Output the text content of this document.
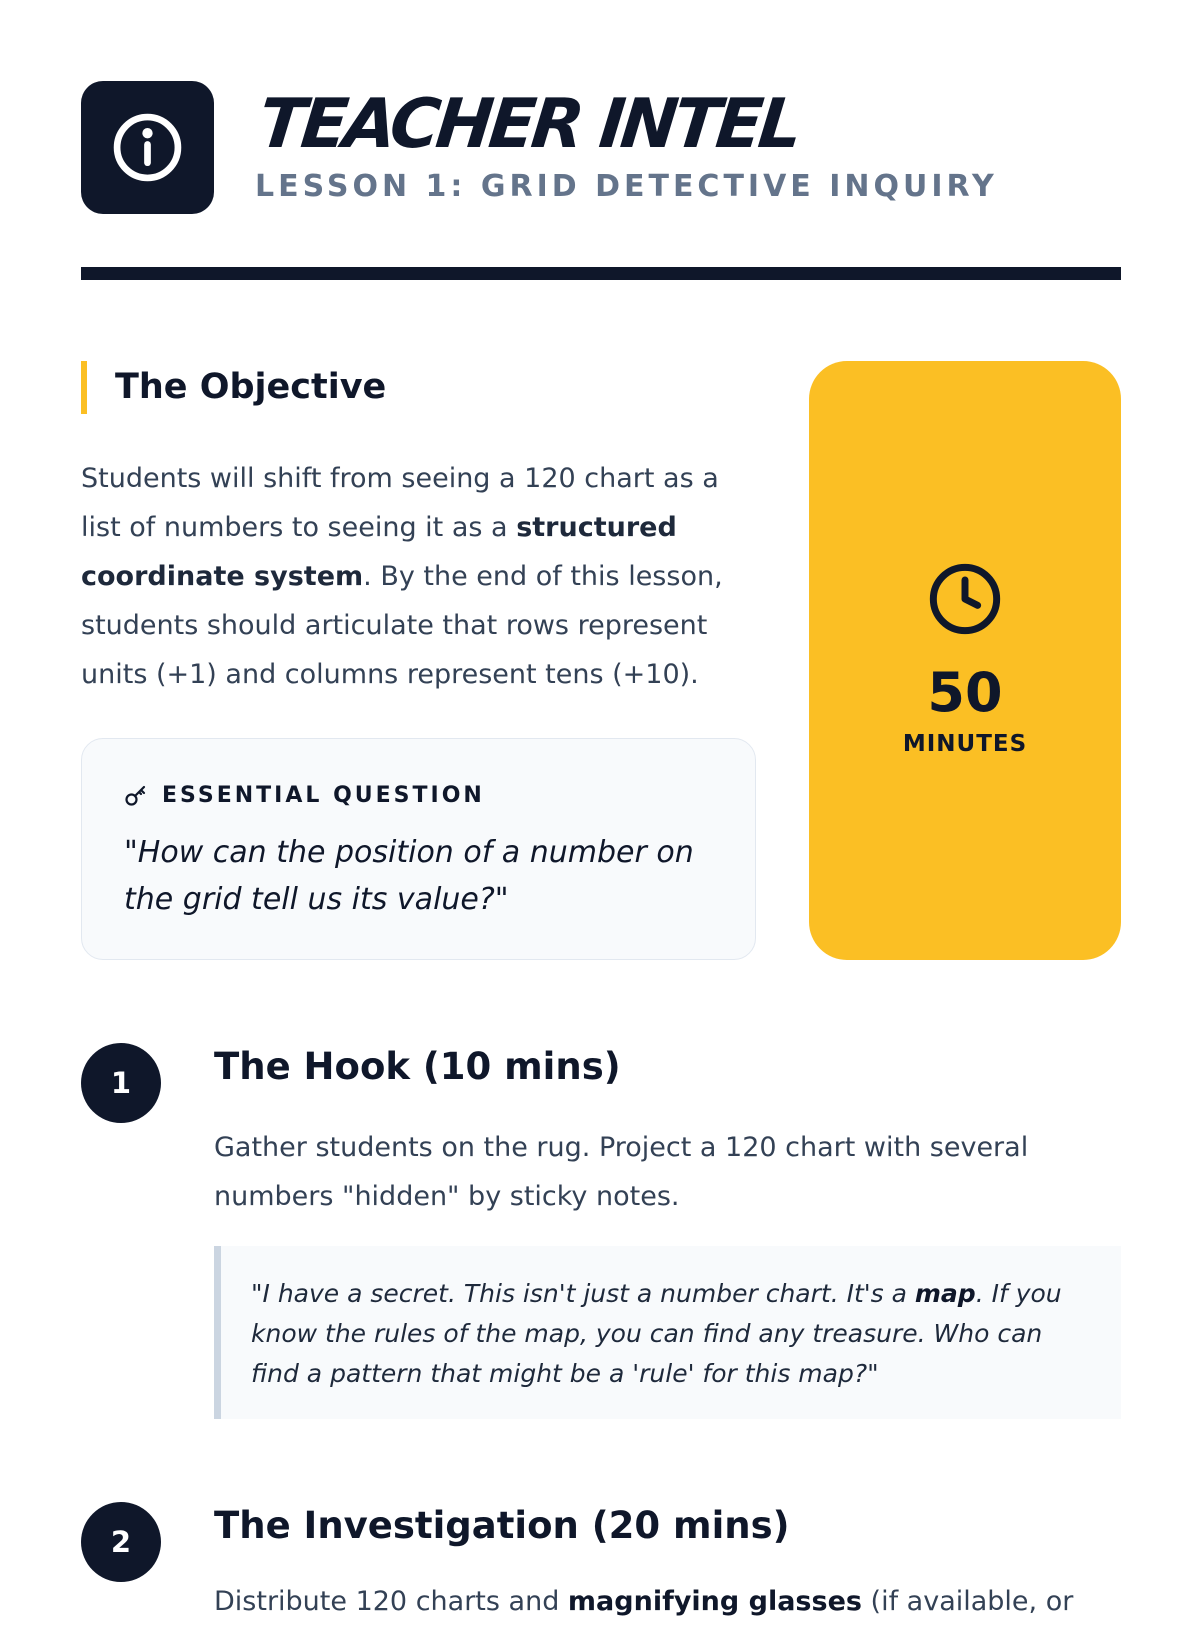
TEACHER INTEL
LESSON 1: GRID DETECTIVE INQUIRY
The Objective

Students will shift from seeing a 120 chart as a list of numbers to seeing it as a structured coordinate system. By the end of this lesson, students should articulate that rows represent units (+1) and columns represent tens (+10).

ESSENTIAL QUESTION
"How can the position of a number on the grid tell us its value?"
50
MINUTES
1	The Hook (10 mins)

Gather students on the rug. Project a 120 chart with several numbers "hidden" by sticky notes.

"I have a secret. This isn't just a number chart. It's a map. If you know the rules of the map, you can find any treasure. Who can find a pattern that might be a 'rule' for this map?"
2	The Investigation (20 mins)

Distribute 120 charts and magnifying glasses (if available, or
